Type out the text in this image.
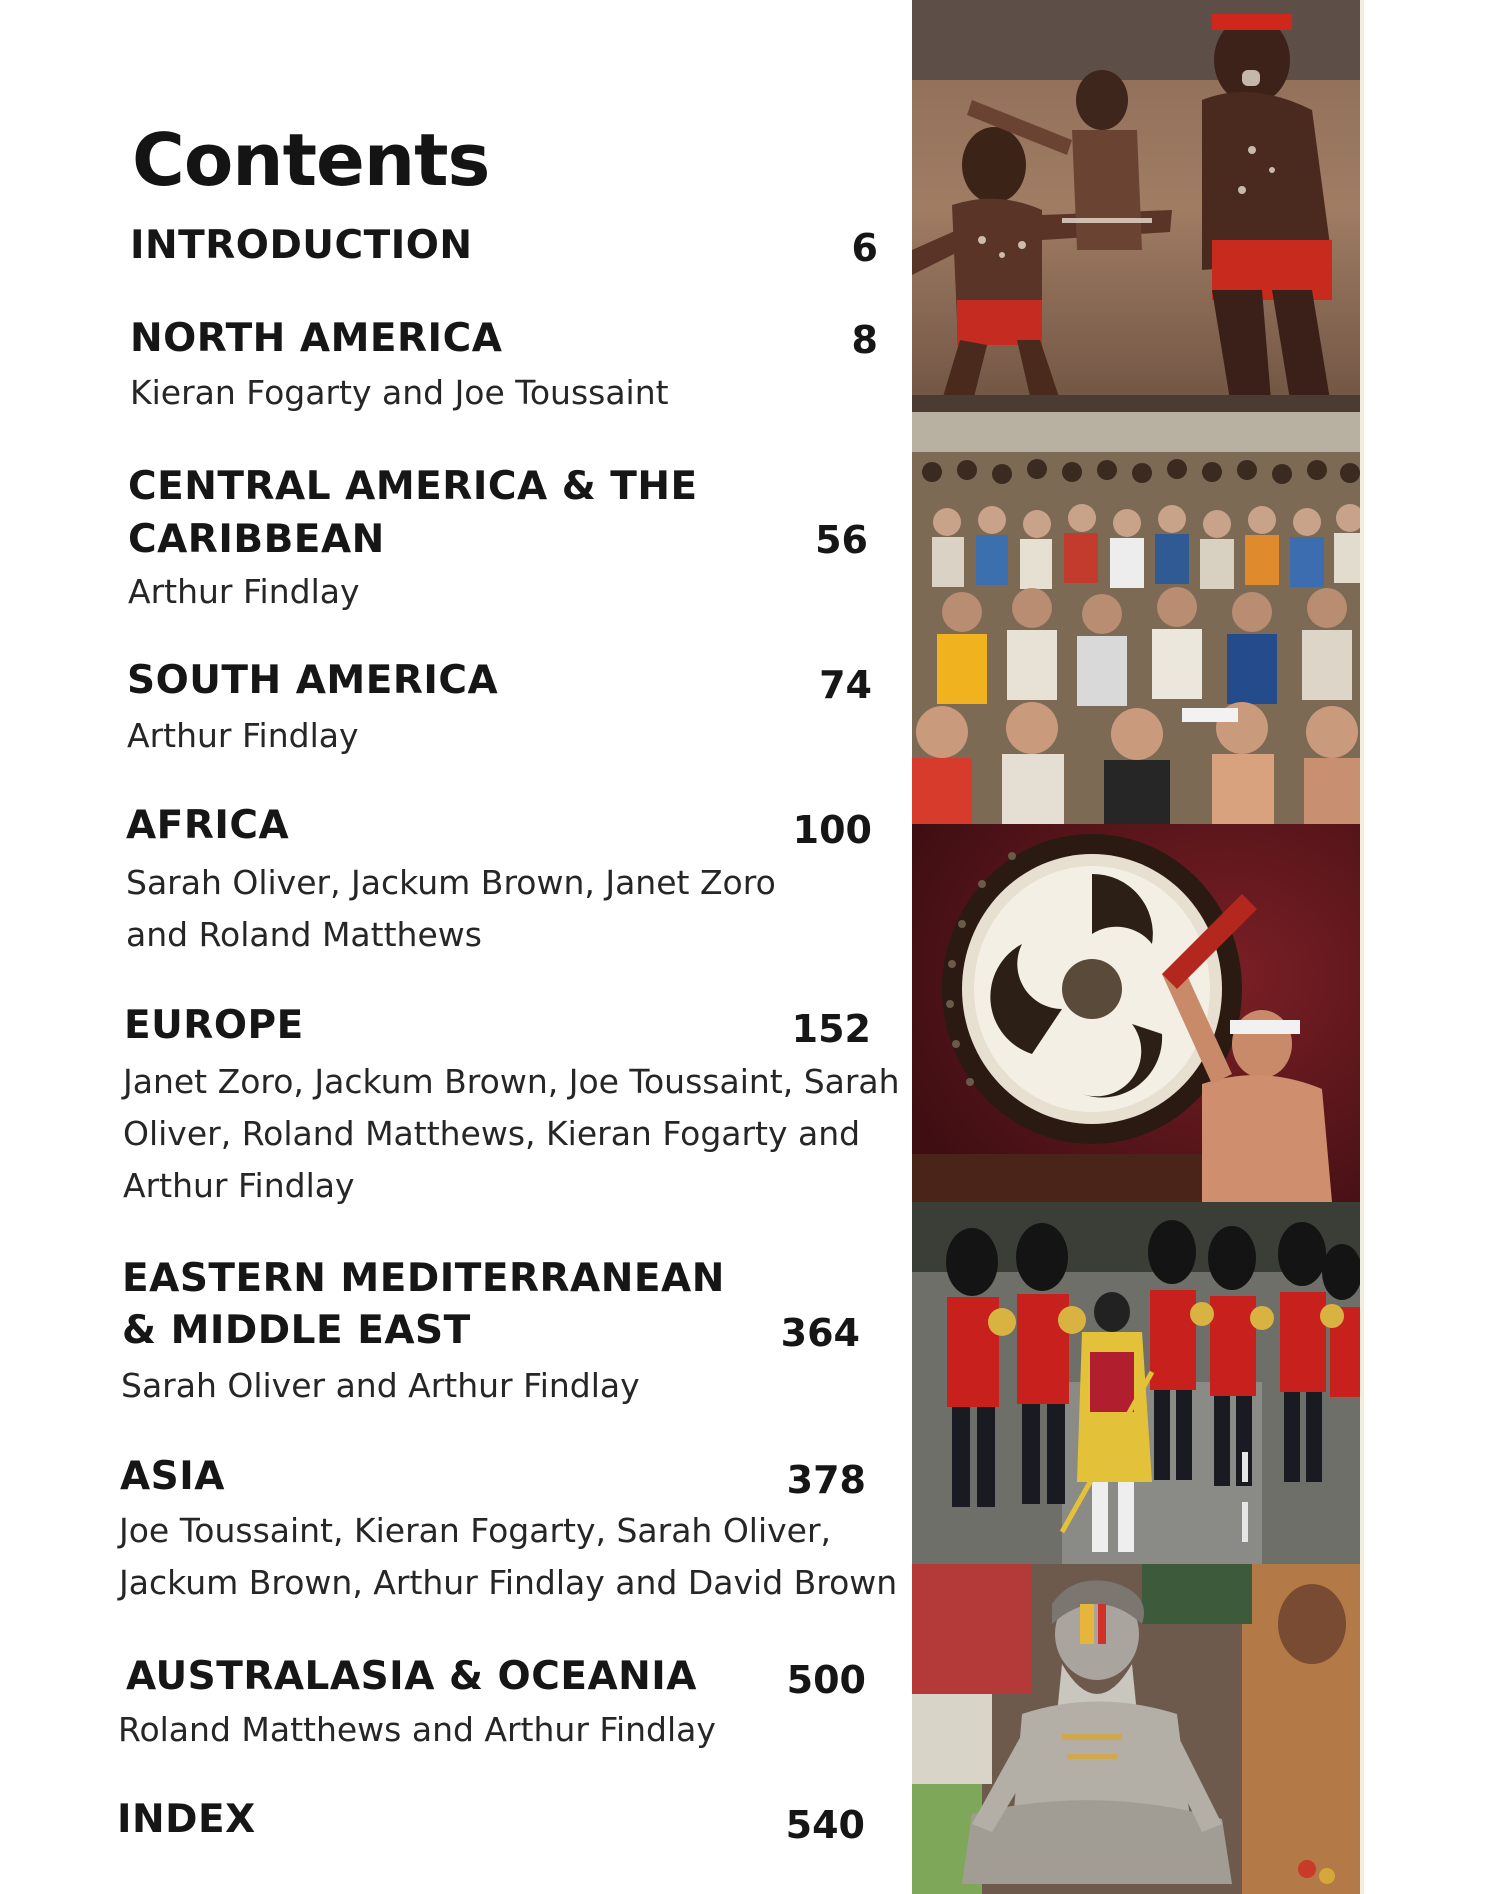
Contents
INTRODUCTION	6
NORTH AMERICA	8
Kieran Fogarty and Joe Toussaint
CENTRAL AMERICA & THE
CARIBBEAN	56
Arthur Findlay
SOUTH AMERICA	74
Arthur Findlay
AFRICA	100
Sarah Oliver, Jackum Brown, Janet Zoro
and Roland Matthews
EUROPE	152
Janet Zoro, Jackum Brown, Joe Toussaint, Sarah
Oliver, Roland Matthews, Kieran Fogarty and
Arthur Findlay
EASTERN MEDITERRANEAN
& MIDDLE EAST	364
Sarah Oliver and Arthur Findlay
ASIA	378
Joe Toussaint, Kieran Fogarty, Sarah Oliver,
Jackum Brown, Arthur Findlay and David Brown
AUSTRALASIA & OCEANIA	500
Roland Matthews and Arthur Findlay
INDEX	540
